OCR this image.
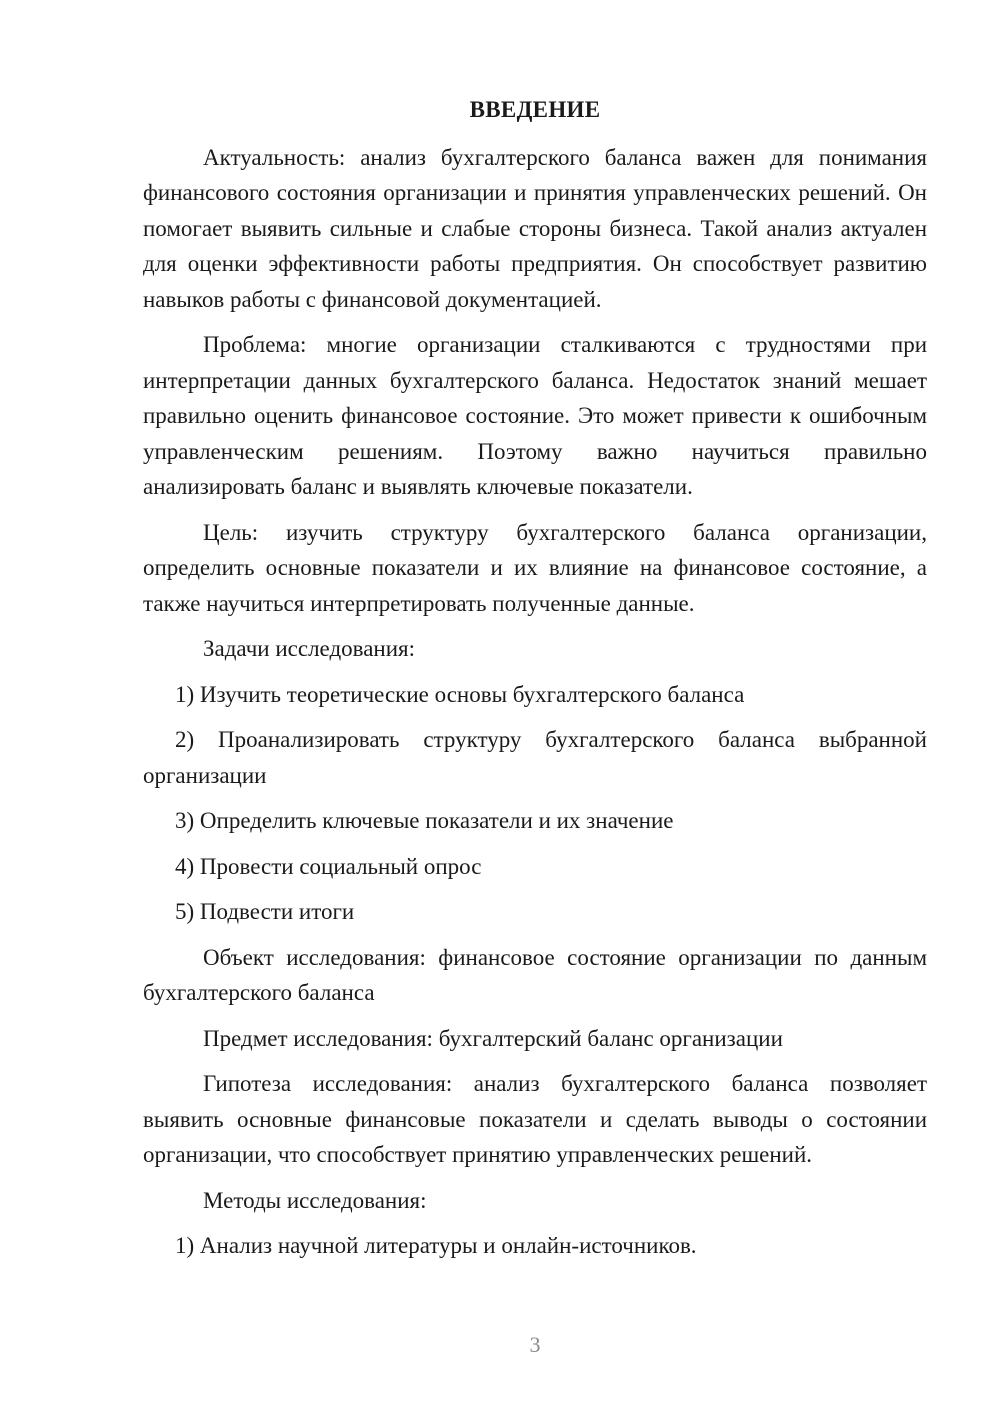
ВВЕДЕНИЕ

Актуальность: анализ бухгалтерского баланса важен для понимания финансового состояния организации и принятия управленческих решений. Он помогает выявить сильные и слабые стороны бизнеса. Такой анализ актуален для оценки эффективности работы предприятия. Он способствует развитию навыков работы с финансовой документацией.

Проблема: многие организации сталкиваются с трудностями при интерпретации данных бухгалтерского баланса. Недостаток знаний мешает правильно оценить финансовое состояние. Это может привести к ошибочным управленческим решениям. Поэтому важно научиться правильно анализировать баланс и выявлять ключевые показатели.

Цель: изучить структуру бухгалтерского баланса организации, определить основные показатели и их влияние на финансовое состояние, а также научиться интерпретировать полученные данные.

Задачи исследования:

1) Изучить теоретические основы бухгалтерского баланса

2) Проанализировать структуру бухгалтерского баланса выбранной организации

3) Определить ключевые показатели и их значение

4) Провести социальный опрос

5) Подвести итоги

Объект исследования: финансовое состояние организации по данным бухгалтерского баланса

Предмет исследования: бухгалтерский баланс организации

Гипотеза исследования: анализ бухгалтерского баланса позволяет выявить основные финансовые показатели и сделать выводы о состоянии организации, что способствует принятию управленческих решений.

Методы исследования:

1) Анализ научной литературы и онлайн-источников.

3
